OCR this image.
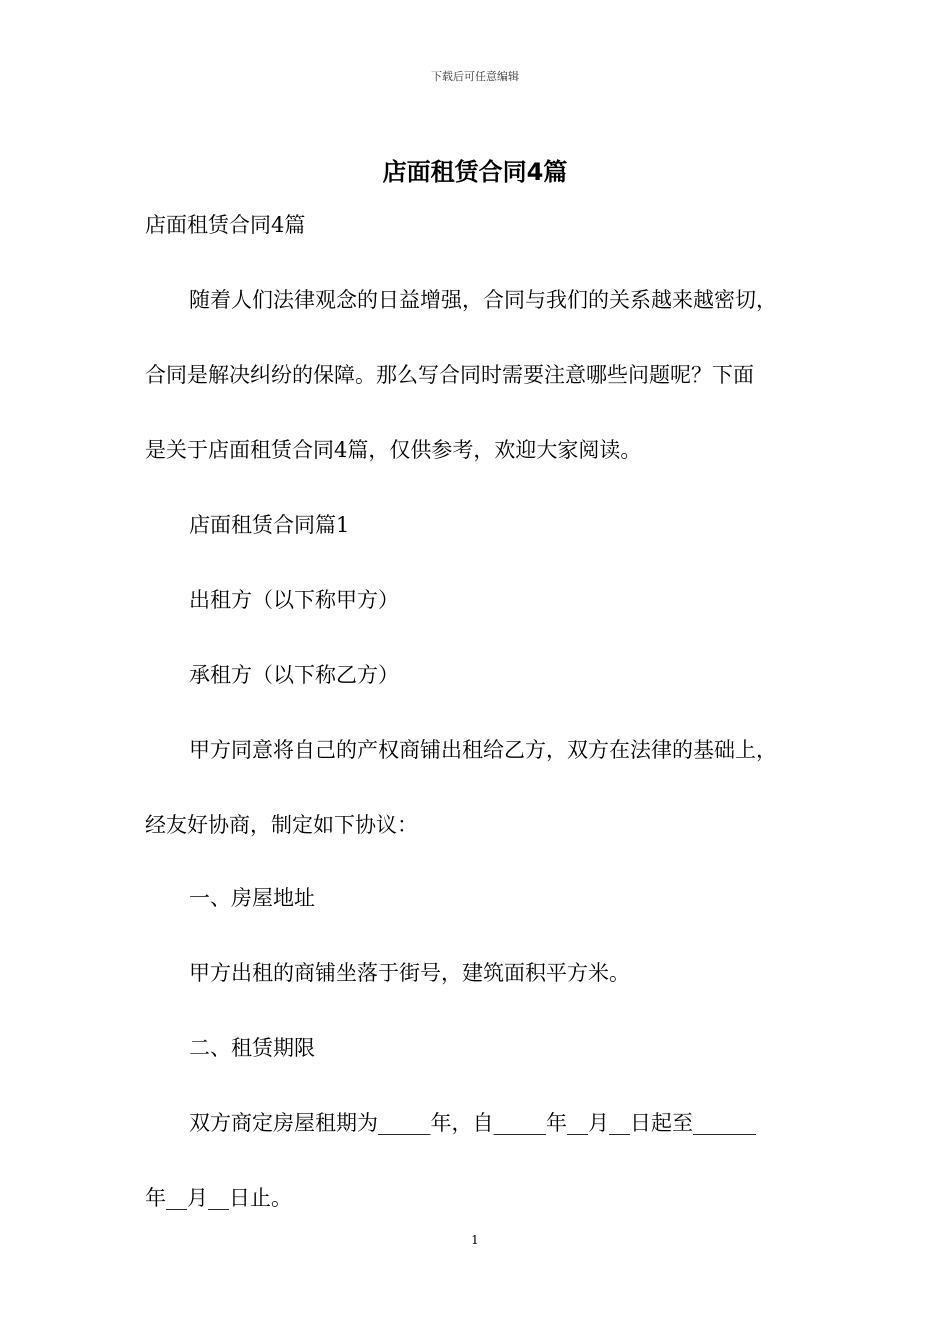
下载后可任意编辑
店面租赁合同4篇
店面租赁合同4篇
随着人们法律观念的日益增强，合同与我们的关系越来越密切，
合同是解决纠纷的保障。那么写合同时需要注意哪些问题呢？下面
是关于店面租赁合同4篇，仅供参考，欢迎大家阅读。
店面租赁合同篇1
出租方（以下称甲方）
承租方（以下称乙方）
甲方同意将自己的产权商铺出租给乙方，双方在法律的基础上，
经友好协商，制定如下协议：
一、房屋地址
甲方出租的商铺坐落于街号，建筑面积平方米。
二、租赁期限
双方商定房屋租期为_____年，自_____年__月__日起至______
年__月__日止。
1
